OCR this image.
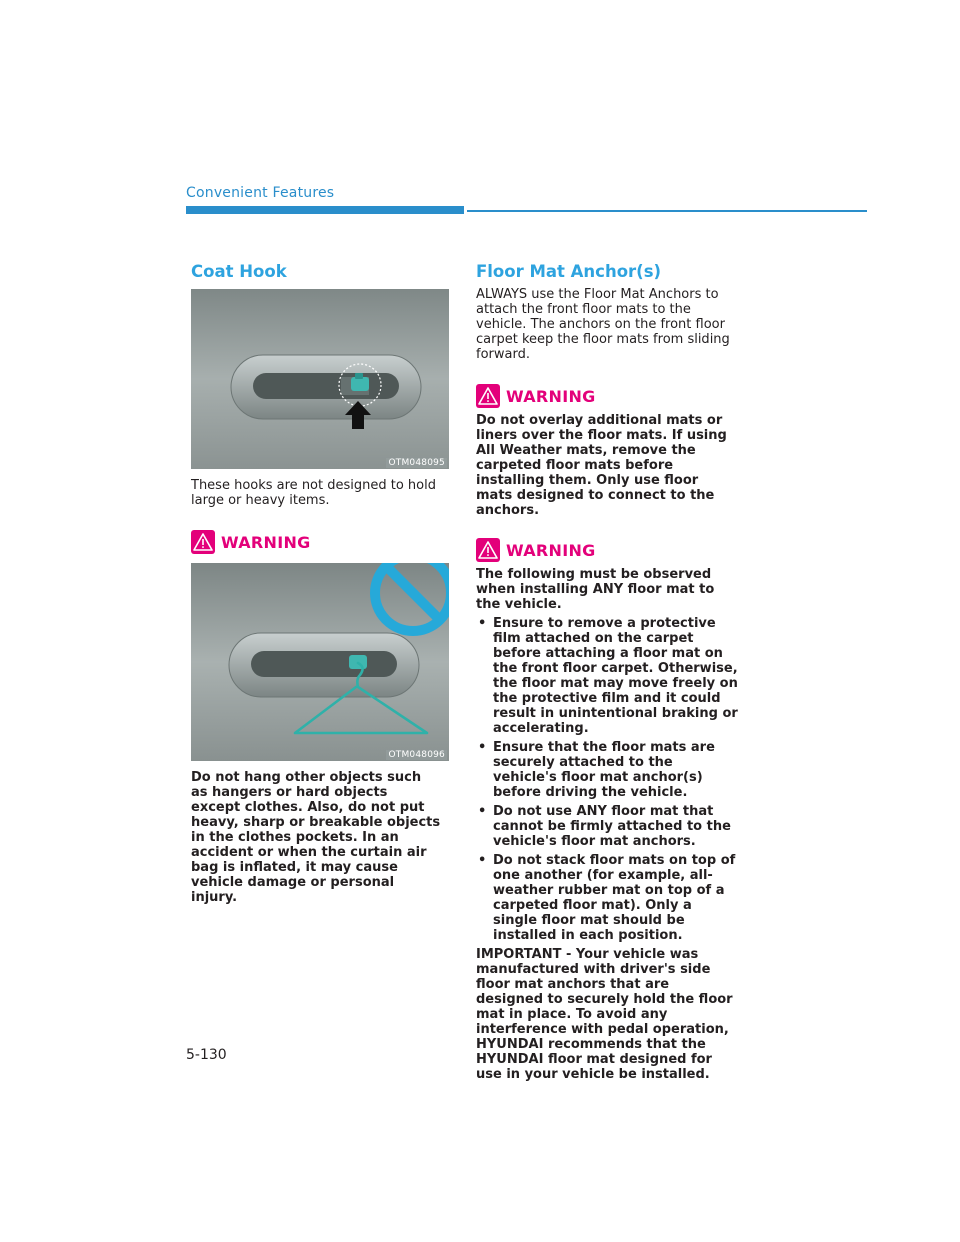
Convenient Features
Coat Hook
OTM048095

These hooks are not designed to hold large or heavy items.

WARNING
OTM048096

Do not hang other objects such as hangers or hard objects except clothes. Also, do not put heavy, sharp or breakable objects in the clothes pockets. In an accident or when the curtain air bag is inflated, it may cause vehicle damage or personal injury.

Floor Mat Anchor(s)

ALWAYS use the Floor Mat Anchors to attach the front floor mats to the vehicle. The anchors on the front floor carpet keep the floor mats from sliding forward.

WARNING

Do not overlay additional mats or liners over the floor mats. If using All Weather mats, remove the carpeted floor mats before installing them. Only use floor mats designed to connect to the anchors.

WARNING

The following must be observed when installing ANY floor mat to the vehicle.

• Ensure to remove a protective film attached on the carpet before attaching a floor mat on the front floor carpet. Otherwise, the floor mat may move freely on the protective film and it could result in unintentional braking or accelerating.
• Ensure that the floor mats are securely attached to the vehicle's floor mat anchor(s) before driving the vehicle.
• Do not use ANY floor mat that cannot be firmly attached to the vehicle's floor mat anchors.
• Do not stack floor mats on top of one another (for example, all-weather rubber mat on top of a carpeted floor mat). Only a single floor mat should be installed in each position.

IMPORTANT - Your vehicle was manufactured with driver's side floor mat anchors that are designed to securely hold the floor mat in place. To avoid any interference with pedal operation, HYUNDAI recommends that the HYUNDAI floor mat designed for use in your vehicle be installed.

5-130
